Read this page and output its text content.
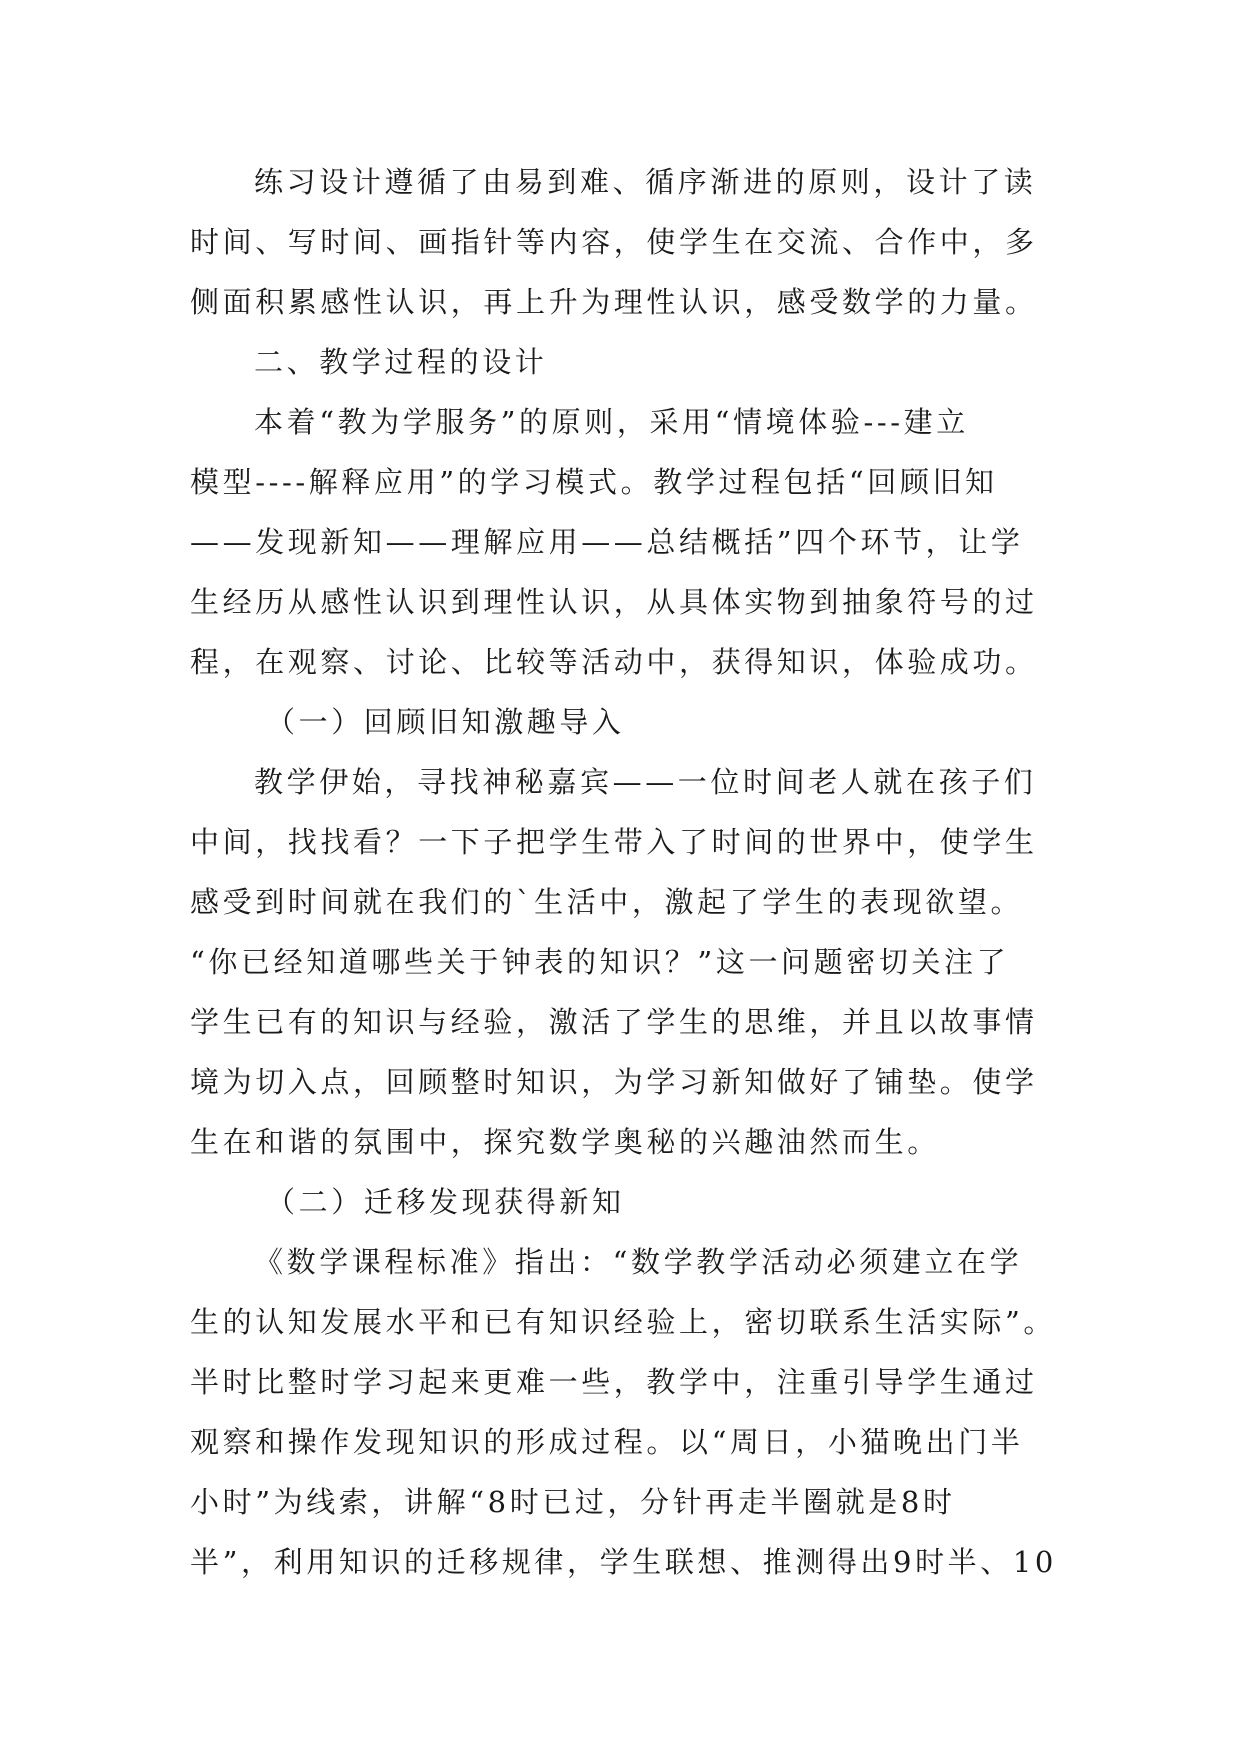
练习设计遵循了由易到难、循序渐进的原则，设计了读
时间、写时间、画指针等内容，使学生在交流、合作中，多
侧面积累感性认识，再上升为理性认识，感受数学的力量。
二、教学过程的设计
本着“教为学服务”的原则，采用“情境体验---建立
模型----解释应用”的学习模式。教学过程包括“回顾旧知
——发现新知——理解应用——总结概括”四个环节，让学
生经历从感性认识到理性认识，从具体实物到抽象符号的过
程，在观察、讨论、比较等活动中，获得知识，体验成功。
（一）回顾旧知激趣导入
教学伊始，寻找神秘嘉宾——一位时间老人就在孩子们
中间，找找看？一下子把学生带入了时间的世界中，使学生
感受到时间就在我们的`生活中，激起了学生的表现欲望。
“你已经知道哪些关于钟表的知识？”这一问题密切关注了
学生已有的知识与经验，激活了学生的思维，并且以故事情
境为切入点，回顾整时知识，为学习新知做好了铺垫。使学
生在和谐的氛围中，探究数学奥秘的兴趣油然而生。
（二）迁移发现获得新知
《数学课程标准》指出：“数学教学活动必须建立在学
生的认知发展水平和已有知识经验上，密切联系生活实际”。
半时比整时学习起来更难一些，教学中，注重引导学生通过
观察和操作发现知识的形成过程。以“周日，小猫晚出门半
小时”为线索，讲解“8时已过，分针再走半圈就是8时
半”，利用知识的迁移规律，学生联想、推测得出9时半、10
